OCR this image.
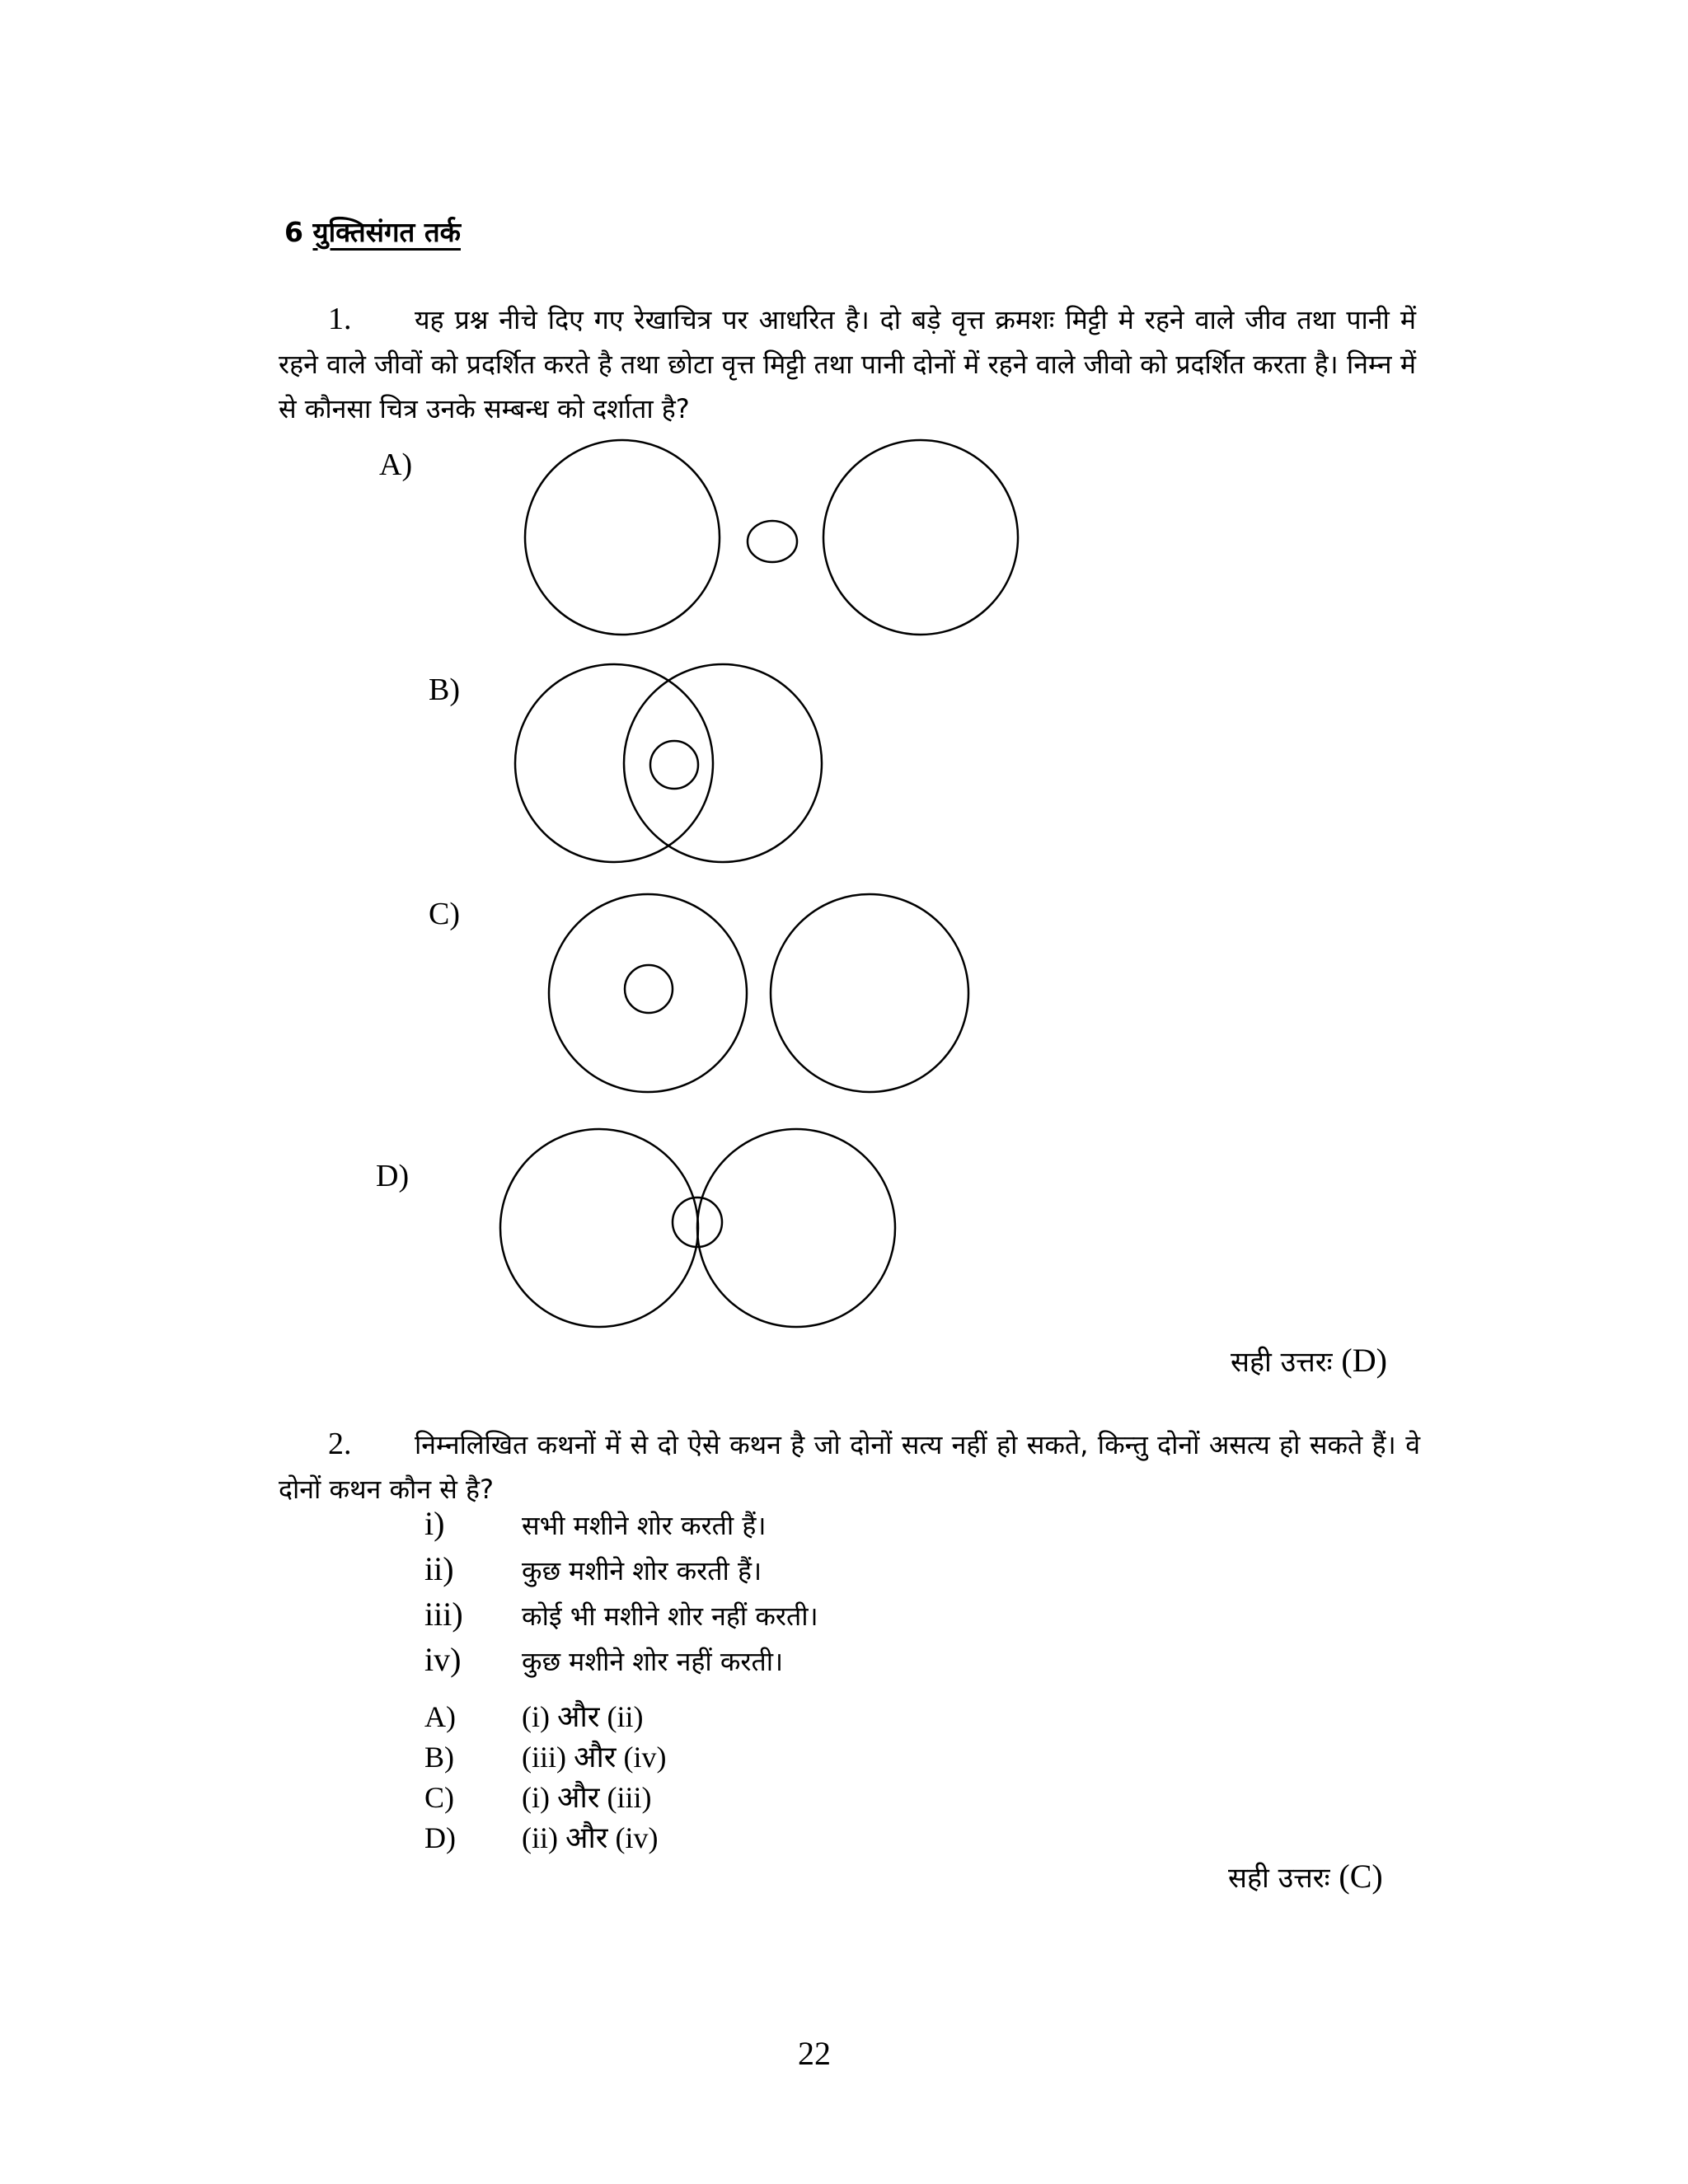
6 युक्तिसंगत तर्क
1. यह प्रश्न नीचे दिए गए रेखाचित्र पर आधरित है। दो बड़े वृत्त क्रमशः मिट्टी मे रहने वाले जीव तथा पानी में रहने वाले जीवों को प्रदर्शित करते है तथा छोटा वृत्त मिट्टी तथा पानी दोनों में रहने वाले जीवो को प्रदर्शित करता है। निम्न में से कौनसा चित्र उनके सम्बन्ध को दर्शाता है?
A)
B)
C)
D)
सही उत्तरः (D)
2. निम्नलिखित कथनों में से दो ऐसे कथन है जो दोनों सत्य नहीं हो सकते, किन्तु दोनों असत्य हो सकते हैं। वे दोनों कथन कौन से है?
i)	सभी मशीने शोर करती हैं।
ii)	कुछ मशीने शोर करती हैं।
iii) कोई भी मशीने शोर नहीं करती।
iv) कुछ मशीने शोर नहीं करती।
A) (i) और (ii)
B) (iii) और (iv)
C) (i) और (iii)
D) (ii) और (iv)
सही उत्तरः (C)
22
